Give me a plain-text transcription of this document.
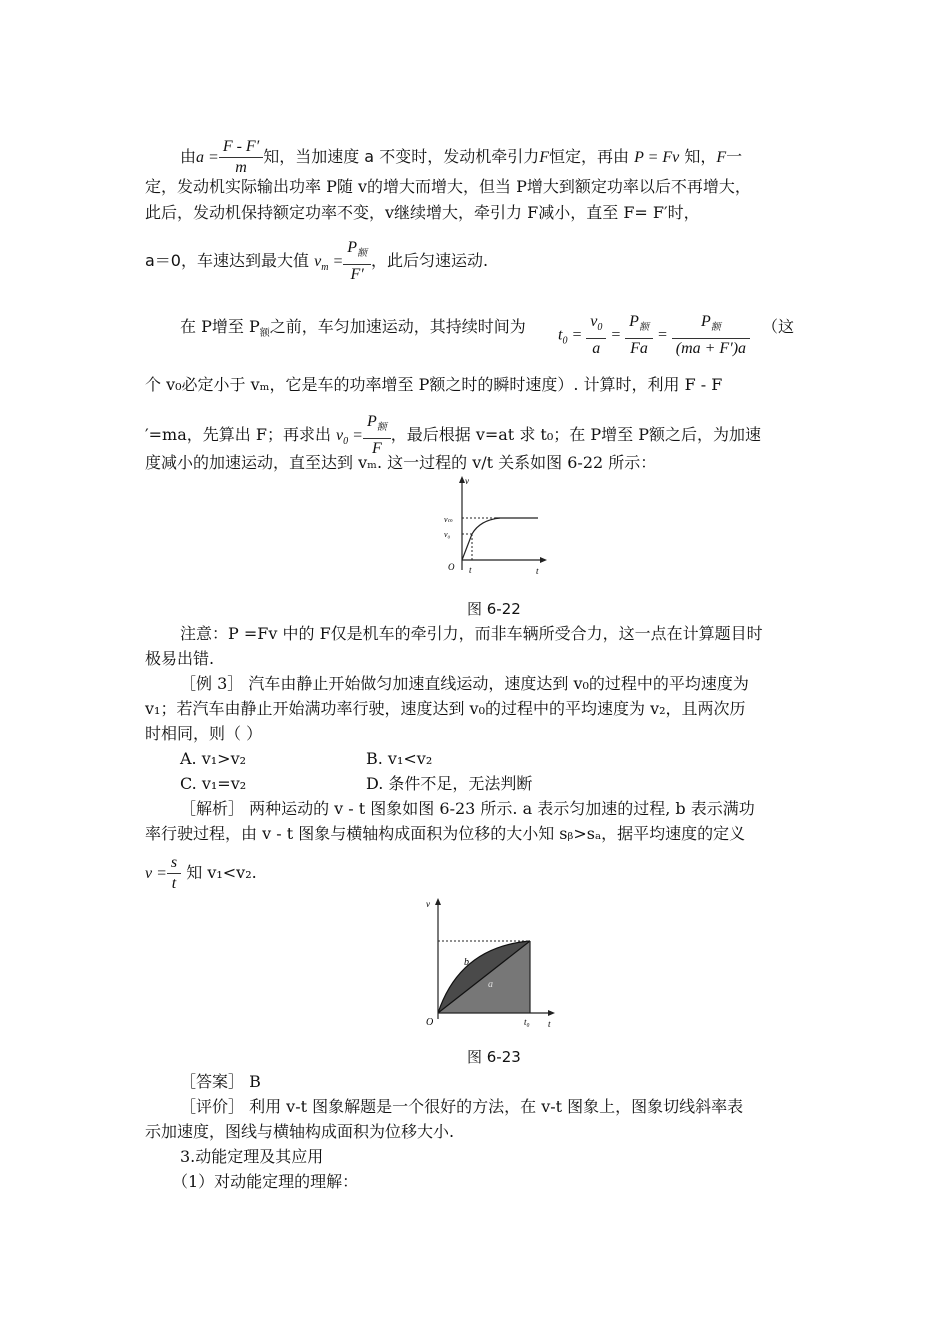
由$a = \frac{F - F'}{m}$ 知，当加速度 a 不变时，发动机牵引力F恒定，再由 P = Fv 知，F一
定，发动机实际输出功率 P随 v的增大而增大，但当 P增大到额定功率以后不再增大，
此后，发动机保持额定功率不变，v继续增大，牵引力 F减小，直至 F= F′时，
a＝0，车速达到最大值 $v_m = \frac{P_额}{F'}$ ，此后匀速运动.
在 P增至 $P_额$之前，车匀加速运动，其持续时间为 $t_0 = \frac{v_0}{a} = \frac{P_额}{Fa} = \frac{P_额}{(ma + F')a}$ （这
个 v₀必定小于 vₘ，它是车的功率增至 P额之时的瞬时速度）. 计算时，利用 F - F
′=ma，先算出 F；再求出 $v_0 = \frac{P_额}{F}$ ，最后根据 v=at 求 t₀；在 P增至 P额之后，为加速
度减小的加速运动，直至达到 vₘ. 这一过程的 v/t 关系如图 6-22 所示：
v
t
vₘ
v₀
O t
图 6-22
注意：P =Fv 中的 F仅是机车的牵引力，而非车辆所受合力，这一点在计算题目时
极易出错.
［例 3］ 汽车由静止开始做匀加速直线运动，速度达到 v₀的过程中的平均速度为
v₁；若汽车由静止开始满功率行驶，速度达到 v₀的过程中的平均速度为 v₂，且两次历
时相同，则（ ）
A. v₁>v₂	B. v₁<v₂
C. v₁=v₂	D. 条件不足，无法判断
［解析］ 两种运动的 v - t 图象如图 6-23 所示. a 表示匀加速的过程, b 表示满功
率行驶过程，由 v - t 图象与横轴构成面积为位移的大小知 sᵦ>sₐ，据平均速度的定义
$v = \frac{s}{t}$ 知 v₁<v₂.
v
t
b
a
O	t₀
图 6-23
［答案］ B
［评价］ 利用 v-t 图象解题是一个很好的方法，在 v-t 图象上，图象切线斜率表
示加速度，图线与横轴构成面积为位移大小.
3.动能定理及其应用
（1）对动能定理的理解：
